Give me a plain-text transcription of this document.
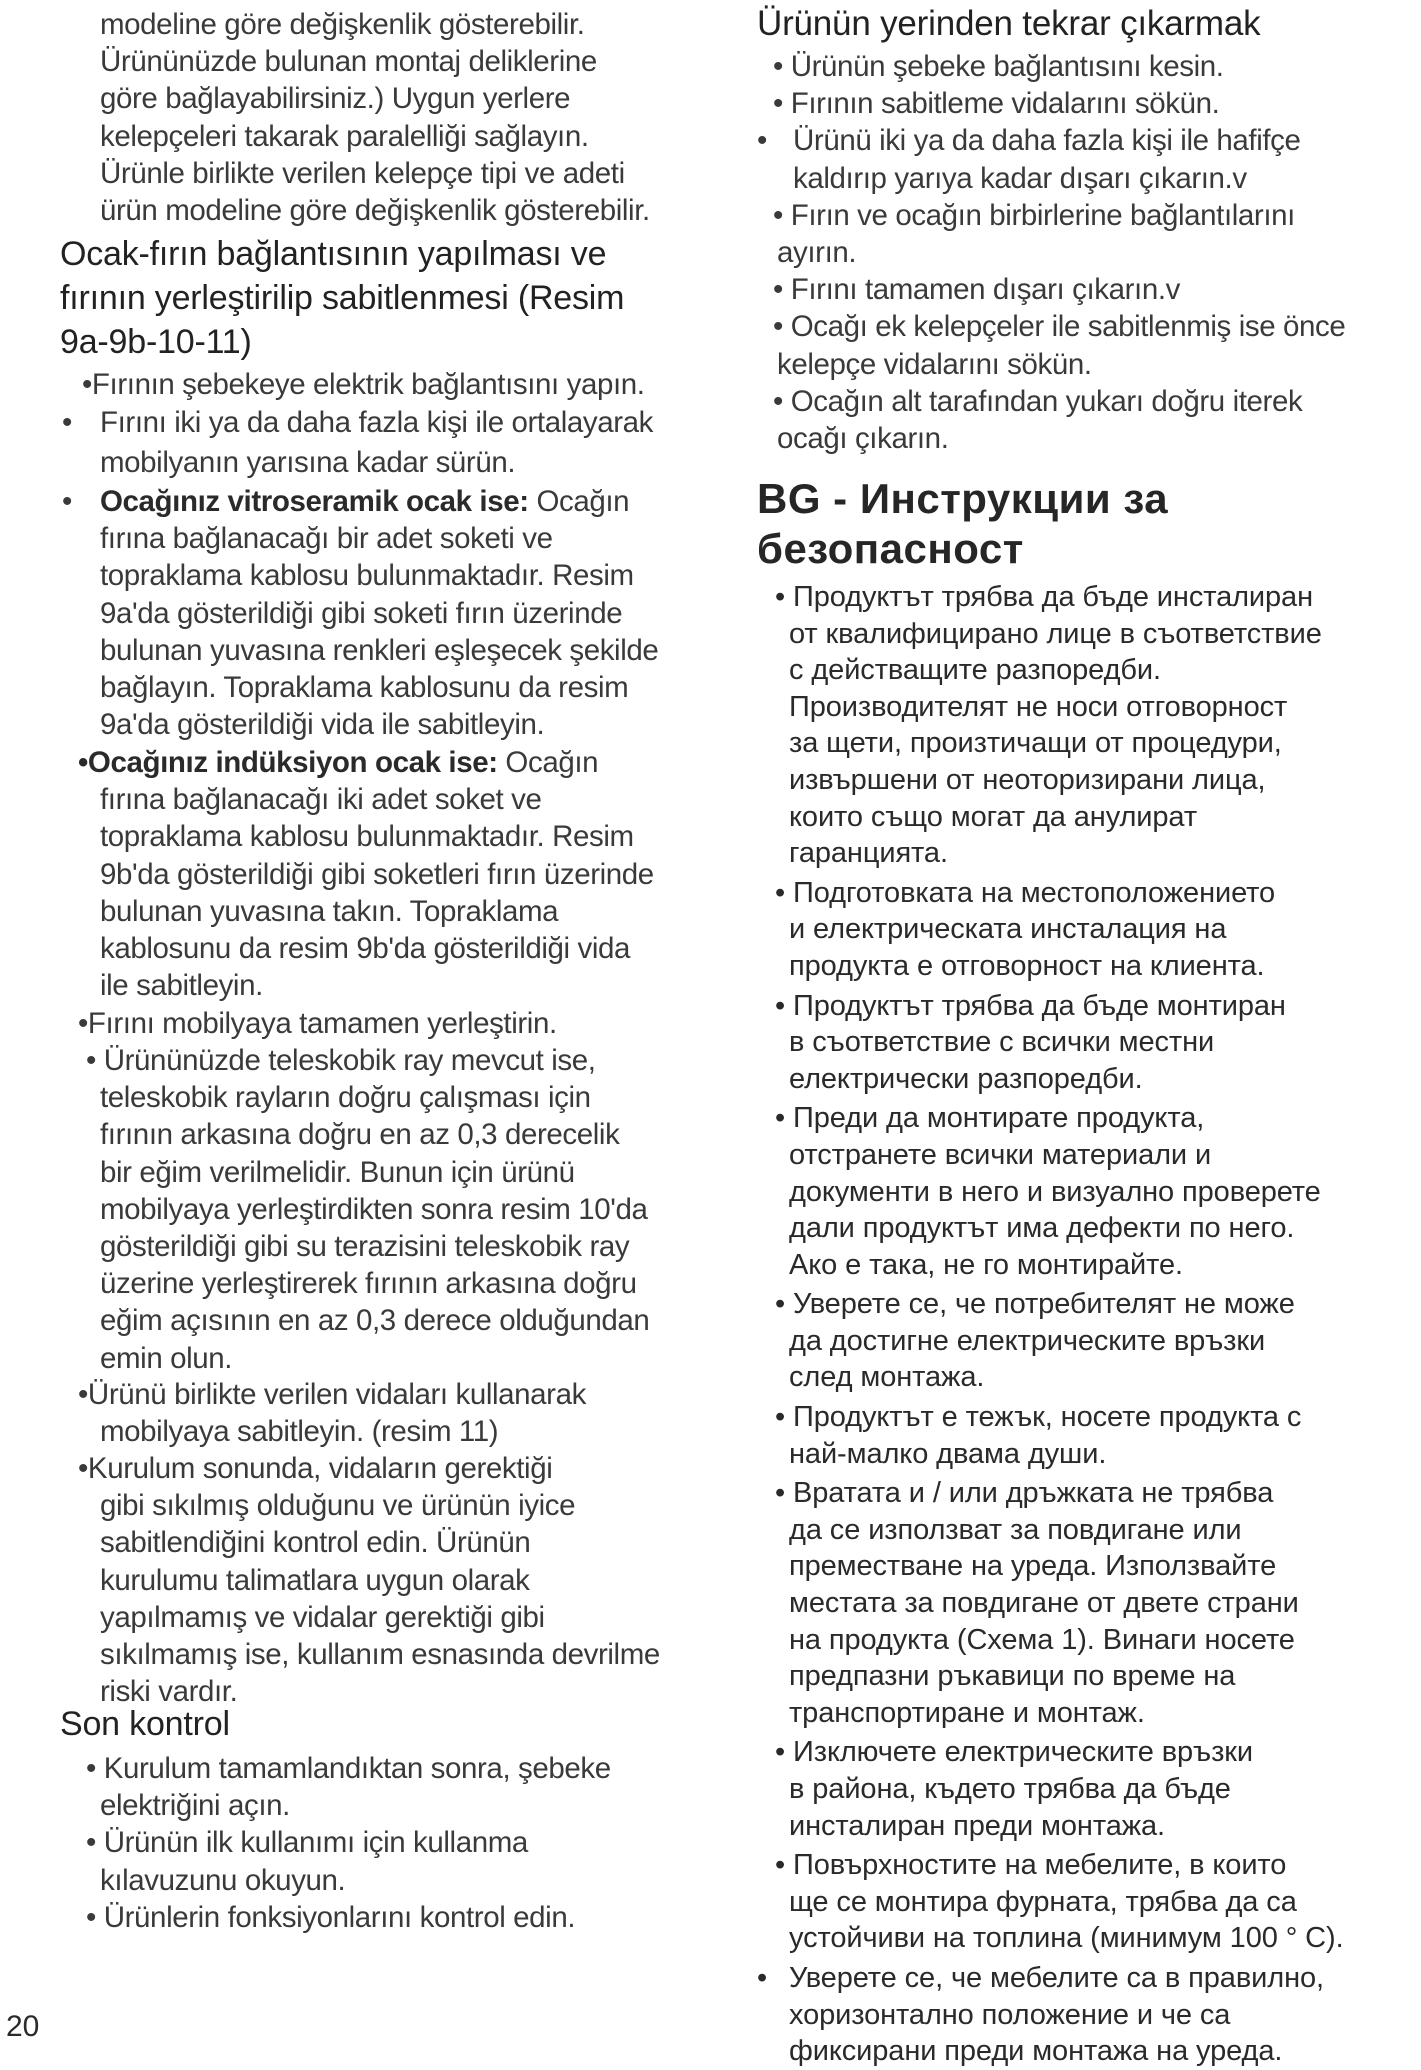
modeline göre değişkenlik gösterebilir.
Ürününüzde bulunan montaj deliklerine
göre bağlayabilirsiniz.) Uygun yerlere
kelepçeleri takarak paralelliği sağlayın.
Ürünle birlikte verilen kelepçe tipi ve adeti
ürün modeline göre değişkenlik gösterebilir.
Ocak-fırın bağlantısının yapılması ve
fırının yerleştirilip sabitlenmesi (Resim
9a-9b-10-11)
•Fırının şebekeye elektrik bağlantısını yapın.
• Fırını iki ya da daha fazla kişi ile ortalayarak
mobilyanın yarısına kadar sürün.
• Ocağınız vitroseramik ocak ise: Ocağın
fırına bağlanacağı bir adet soketi ve
topraklama kablosu bulunmaktadır. Resim
9a'da gösterildiği gibi soketi fırın üzerinde
bulunan yuvasına renkleri eşleşecek şekilde
bağlayın. Topraklama kablosunu da resim
9a'da gösterildiği vida ile sabitleyin.
•Ocağınız indüksiyon ocak ise: Ocağın
fırına bağlanacağı iki adet soket ve
topraklama kablosu bulunmaktadır. Resim
9b'da gösterildiği gibi soketleri fırın üzerinde
bulunan yuvasına takın. Topraklama
kablosunu da resim 9b'da gösterildiği vida
ile sabitleyin.
•Fırını mobilyaya tamamen yerleştirin.
• Ürününüzde teleskobik ray mevcut ise,
teleskobik rayların doğru çalışması için
fırının arkasına doğru en az 0,3 derecelik
bir eğim verilmelidir. Bunun için ürünü
mobilyaya yerleştirdikten sonra resim 10'da
gösterildiği gibi su terazisini teleskobik ray
üzerine yerleştirerek fırının arkasına doğru
eğim açısının en az 0,3 derece olduğundan
emin olun.
•Ürünü birlikte verilen vidaları kullanarak
mobilyaya sabitleyin. (resim 11)
•Kurulum sonunda, vidaların gerektiği
gibi sıkılmış olduğunu ve ürünün iyice
sabitlendiğini kontrol edin. Ürünün
kurulumu talimatlara uygun olarak
yapılmamış ve vidalar gerektiği gibi
sıkılmamış ise, kullanım esnasında devrilme
riski vardır.
Son kontrol
• Kurulum tamamlandıktan sonra, şebeke
elektriğini açın.
• Ürünün ilk kullanımı için kullanma
kılavuzunu okuyun.
• Ürünlerin fonksiyonlarını kontrol edin.
Ürünün yerinden tekrar çıkarmak
• Ürünün şebeke bağlantısını kesin.
• Fırının sabitleme vidalarını sökün.
• Ürünü iki ya da daha fazla kişi ile hafifçe
kaldırıp yarıya kadar dışarı çıkarın.v
• Fırın ve ocağın birbirlerine bağlantılarını
ayırın.
• Fırını tamamen dışarı çıkarın.v
• Ocağı ek kelepçeler ile sabitlenmiş ise önce
kelepçe vidalarını sökün.
• Ocağın alt tarafından yukarı doğru iterek
ocağı çıkarın.
BG - Инструкции за
безопасност
• Продуктът трябва да бъде инсталиран
от квалифицирано лице в съответствие
с действащите разпоредби.
Производителят не носи отговорност
за щети, произтичащи от процедури,
извършени от неоторизирани лица,
които също могат да анулират
гаранцията.
• Подготовката на местоположението
и електрическата инсталация на
продукта е отговорност на клиента.
• Продуктът трябва да бъде монтиран
в съответствие с всички местни
електрически разпоредби.
• Преди да монтирате продукта,
отстранете всички материали и
документи в него и визуално проверете
дали продуктът има дефекти по него.
Ако е така, не го монтирайте.
• Уверете се, че потребителят не може
да достигне електрическите връзки
след монтажа.
• Продуктът е тежък, носете продукта с
най-малко двама души.
• Вратата и / или дръжката не трябва
да се използват за повдигане или
преместване на уреда. Използвайте
местата за повдигане от двете страни
на продукта (Схема 1). Винаги носете
предпазни ръкавици по време на
транспортиране и монтаж.
• Изключете електрическите връзки
в района, където трябва да бъде
инсталиран преди монтажа.
• Повърхностите на мебелите, в които
ще се монтира фурната, трябва да са
устойчиви на топлина (минимум 100 ° C).
• Уверете се, че мебелите са в правилно,
хоризонтално положение и че са
фиксирани преди монтажа на уреда.
20
